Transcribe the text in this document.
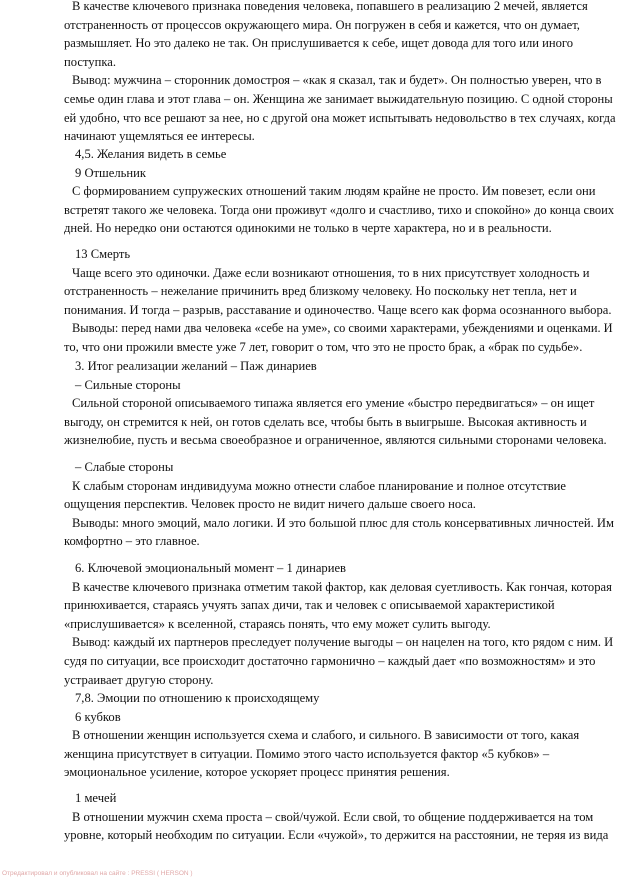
В качестве ключевого признака поведения человека, попавшего в реализацию 2 мечей, является
отстраненность от процессов окружающего мира. Он погружен в себя и кажется, что он думает,
размышляет. Но это далеко не так. Он прислушивается к себе, ищет довода для того или иного
поступка.
Вывод: мужчина – сторонник домостроя – «как я сказал, так и будет». Он полностью уверен, что в
семье один глава и этот глава – он. Женщина же занимает выжидательную позицию. С одной стороны
ей удобно, что все решают за нее, но с другой она может испытывать недовольство в тех случаях, когда
начинают ущемляться ее интересы.
4,5. Желания видеть в семье
9 Отшельник
С формированием супружеских отношений таким людям крайне не просто. Им повезет, если они
встретят такого же человека. Тогда они проживут «долго и счастливо, тихо и спокойно» до конца своих
дней. Но нередко они остаются одинокими не только в черте характера, но и в реальности.
13 Смерть
Чаще всего это одиночки. Даже если возникают отношения, то в них присутствует холодность и
отстраненность – нежелание причинить вред близкому человеку. Но поскольку нет тепла, нет и
понимания. И тогда – разрыв, расставание и одиночество. Чаще всего как форма осознанного выбора.
Выводы: перед нами два человека «себе на уме», со своими характерами, убеждениями и оценками. И
то, что они прожили вместе уже 7 лет, говорит о том, что это не просто брак, а «брак по судьбе».
3. Итог реализации желаний – Паж динариев
– Сильные стороны
Сильной стороной описываемого типажа является его умение «быстро передвигаться» – он ищет
выгоду, он стремится к ней, он готов сделать все, чтобы быть в выигрыше. Высокая активность и
жизнелюбие, пусть и весьма своеобразное и ограниченное, являются сильными сторонами человека.
– Слабые стороны
К слабым сторонам индивидуума можно отнести слабое планирование и полное отсутствие
ощущения перспектив. Человек просто не видит ничего дальше своего носа.
Выводы: много эмоций, мало логики. И это большой плюс для столь консервативных личностей. Им
комфортно – это главное.
6. Ключевой эмоциональный момент – 1 динариев
В качестве ключевого признака отметим такой фактор, как деловая суетливость. Как гончая, которая
принюхивается, стараясь учуять запах дичи, так и человек с описываемой характеристикой
«прислушивается» к вселенной, стараясь понять, что ему может сулить выгоду.
Вывод: каждый их партнеров преследует получение выгоды – он нацелен на того, кто рядом с ним. И
судя по ситуации, все происходит достаточно гармонично – каждый дает «по возможностям» и это
устраивает другую сторону.
7,8. Эмоции по отношению к происходящему
6 кубков
В отношении женщин используется схема и слабого, и сильного. В зависимости от того, какая
женщина присутствует в ситуации. Помимо этого часто используется фактор «5 кубков» –
эмоциональное усиление, которое ускоряет процесс принятия решения.
1 мечей
В отношении мужчин схема проста – свой/чужой. Если свой, то общение поддерживается на том
уровне, который необходим по ситуации. Если «чужой», то держится на расстоянии, не теряя из вида
Отредактировал и опубликовал на сайте : PRESSI ( HERSON )
